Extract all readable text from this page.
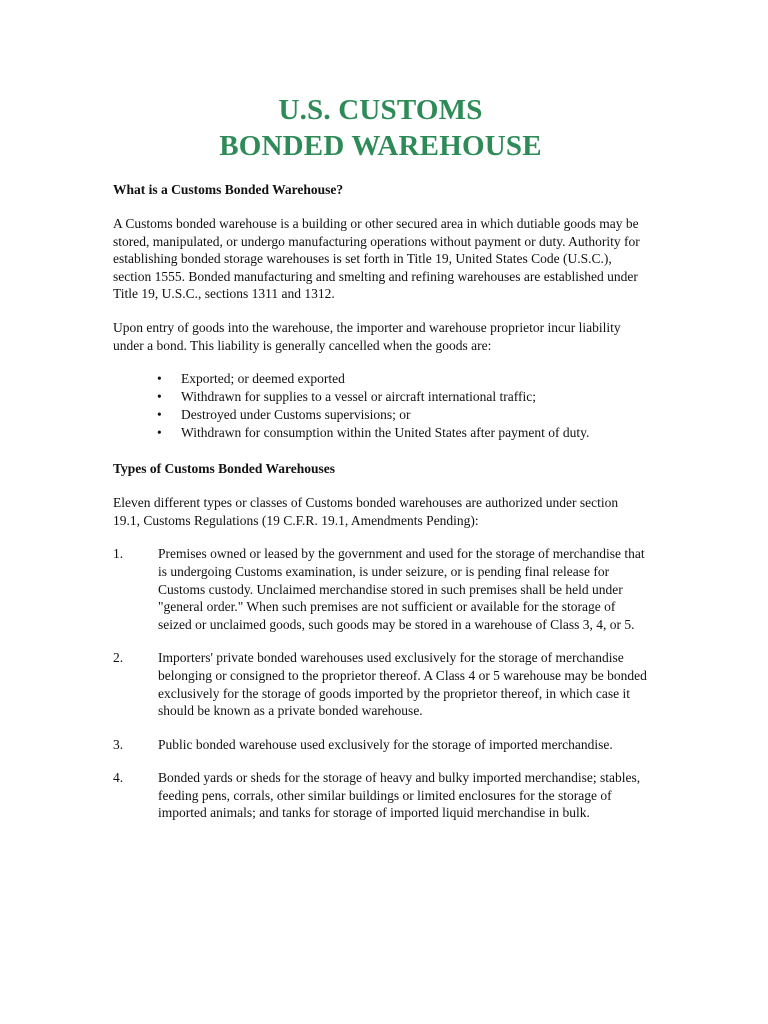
U.S. CUSTOMS
BONDED WAREHOUSE
What is a Customs Bonded Warehouse?

A Customs bonded warehouse is a building or other secured area in which dutiable goods may be stored, manipulated, or undergo manufacturing operations without payment or duty. Authority for establishing bonded storage warehouses is set forth in Title 19, United States Code (U.S.C.), section 1555. Bonded manufacturing and smelting and refining warehouses are established under Title 19, U.S.C., sections 1311 and 1312.

Upon entry of goods into the warehouse, the importer and warehouse proprietor incur liability under a bond. This liability is generally cancelled when the goods are:

• Exported; or deemed exported
• Withdrawn for supplies to a vessel or aircraft international traffic;
• Destroyed under Customs supervisions; or
• Withdrawn for consumption within the United States after payment of duty.
Types of Customs Bonded Warehouses

Eleven different types or classes of Customs bonded warehouses are authorized under section 19.1, Customs Regulations (19 C.F.R. 19.1, Amendments Pending):

1.	Premises owned or leased by the government and used for the storage of merchandise that is undergoing Customs examination, is under seizure, or is pending final release for Customs custody. Unclaimed merchandise stored in such premises shall be held under "general order." When such premises are not sufficient or available for the storage of seized or unclaimed goods, such goods may be stored in a warehouse of Class 3, 4, or 5.
2.	Importers' private bonded warehouses used exclusively for the storage of merchandise belonging or consigned to the proprietor thereof. A Class 4 or 5 warehouse may be bonded exclusively for the storage of goods imported by the proprietor thereof, in which case it should be known as a private bonded warehouse.
3.	Public bonded warehouse used exclusively for the storage of imported merchandise.
4.	Bonded yards or sheds for the storage of heavy and bulky imported merchandise; stables, feeding pens, corrals, other similar buildings or limited enclosures for the storage of imported animals; and tanks for storage of imported liquid merchandise in bulk.
